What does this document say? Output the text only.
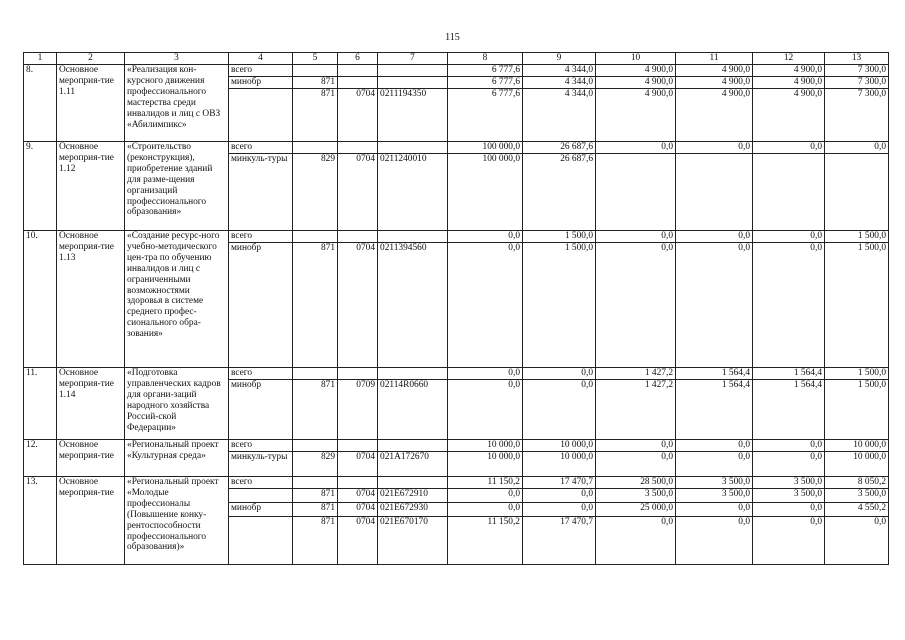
115
1	2	3	4	5	6	7	8	9	10	11	12	13
8.	Основное мероприя-тие 1.11	«Реализация кон-курсного движения профессионального мастерства среди инвалидов и лиц с ОВЗ «Абилимпикс»	всего				6 777,6	4 344,0	4 900,0	4 900,0	4 900,0	7 300,0
			минобр	871			6 777,6	4 344,0	4 900,0	4 900,0	4 900,0	7 300,0
				871	0704	0211194350	6 777,6	4 344,0	4 900,0	4 900,0	4 900,0	7 300,0
9.	Основное мероприя-тие 1.12	«Строительство (реконструкция), приобретение зданий для разме-щения организаций профессионального образования»	всего				100 000,0	26 687,6	0,0	0,0	0,0	0,0
			минкуль-туры	829	0704	0211240010	100 000,0	26 687,6				
10.	Основное мероприя-тие 1.13	«Создание ресурс-ного учебно-методического цен-тра по обучению инвалидов и лиц с ограниченными возможностями здоровья в системе среднего профес-сионального обра-зования»	всего				0,0	1 500,0	0,0	0,0	0,0	1 500,0
			минобр	871	0704	0211394560	0,0	1 500,0	0,0	0,0	0,0	1 500,0
11.	Основное мероприя-тие 1.14	«Подготовка управленческих кадров для органи-заций народного хозяйства Россий-ской Федерации»	всего				0,0	0,0	1 427,2	1 564,4	1 564,4	1 500,0
			минобр	871	0709	02114R0660	0,0	0,0	1 427,2	1 564,4	1 564,4	1 500,0
12.	Основное мероприя-тие	«Региональный проект «Культурная среда»	всего				10 000,0	10 000,0	0,0	0,0	0,0	10 000,0
			минкуль-туры	829	0704	021A172670	10 000,0	10 000,0	0,0	0,0	0,0	10 000,0
13.	Основное мероприя-тие	«Региональный проект «Молодые профессионалы (Повышение конку-рентоспособности профессионального образования)»	всего				11 150,2	17 470,7	28 500,0	3 500,0	3 500,0	8 050,2
				871	0704	021E672910	0,0	0,0	3 500,0	3 500,0	3 500,0	3 500,0
			минобр	871	0704	021E672930	0,0	0,0	25 000,0	0,0	0,0	4 550,2
				871	0704	021E670170	11 150,2	17 470,7	0,0	0,0	0,0	0,0
